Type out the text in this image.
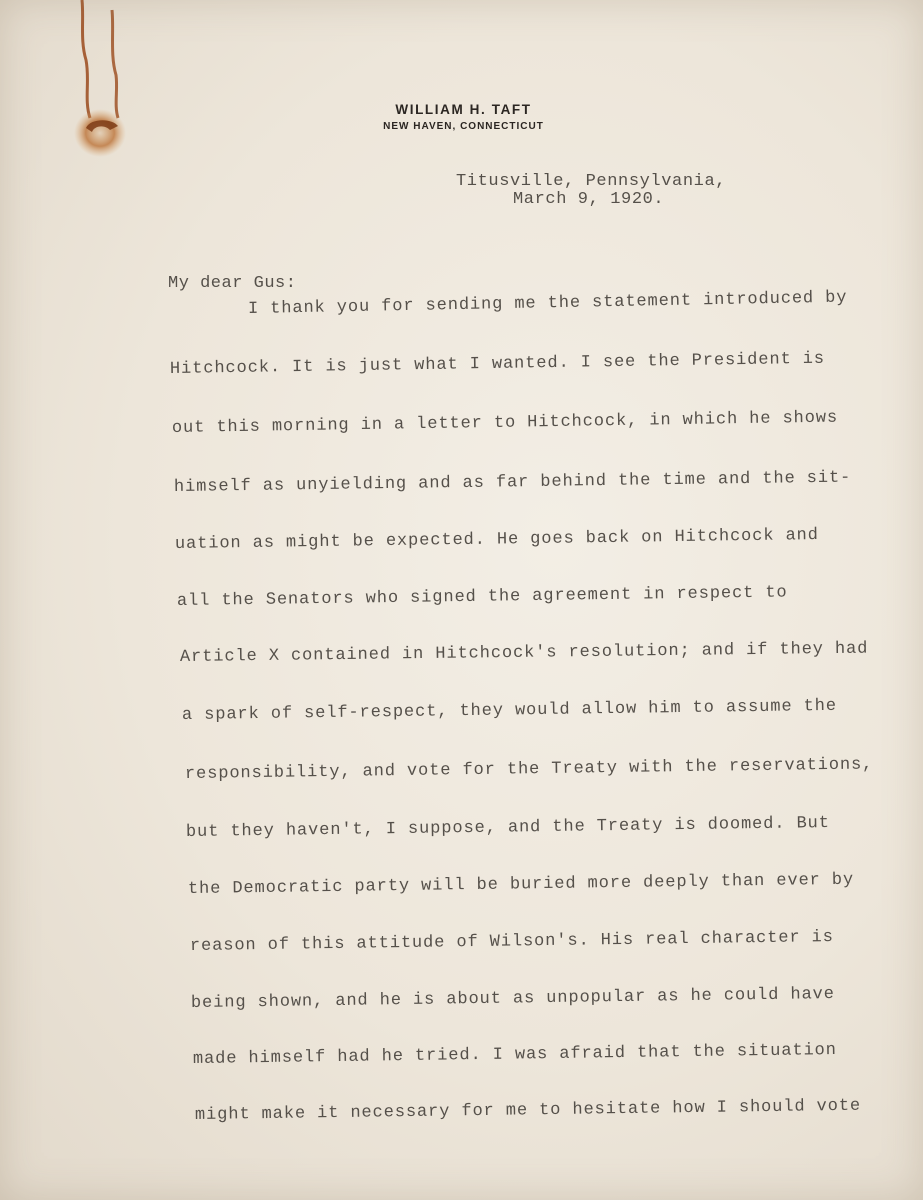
WILLIAM H. TAFT
NEW HAVEN, CONNECTICUT
Titusville, Pennsylvania,
March 9, 1920.
My dear Gus:
I thank you for sending me the statement introduced by
Hitchcock. It is just what I wanted. I see the President is
out this morning in a letter to Hitchcock, in which he shows
himself as unyielding and as far behind the time and the sit-
uation as might be expected. He goes back on Hitchcock and
all the Senators who signed the agreement in respect to
Article X contained in Hitchcock's resolution; and if they had
a spark of self-respect, they would allow him to assume the
responsibility, and vote for the Treaty with the reservations,
but they haven't, I suppose, and the Treaty is doomed. But
the Democratic party will be buried more deeply than ever by
reason of this attitude of Wilson's. His real character is
being shown, and he is about as unpopular as he could have
made himself had he tried. I was afraid that the situation
might make it necessary for me to hesitate how I should vote
